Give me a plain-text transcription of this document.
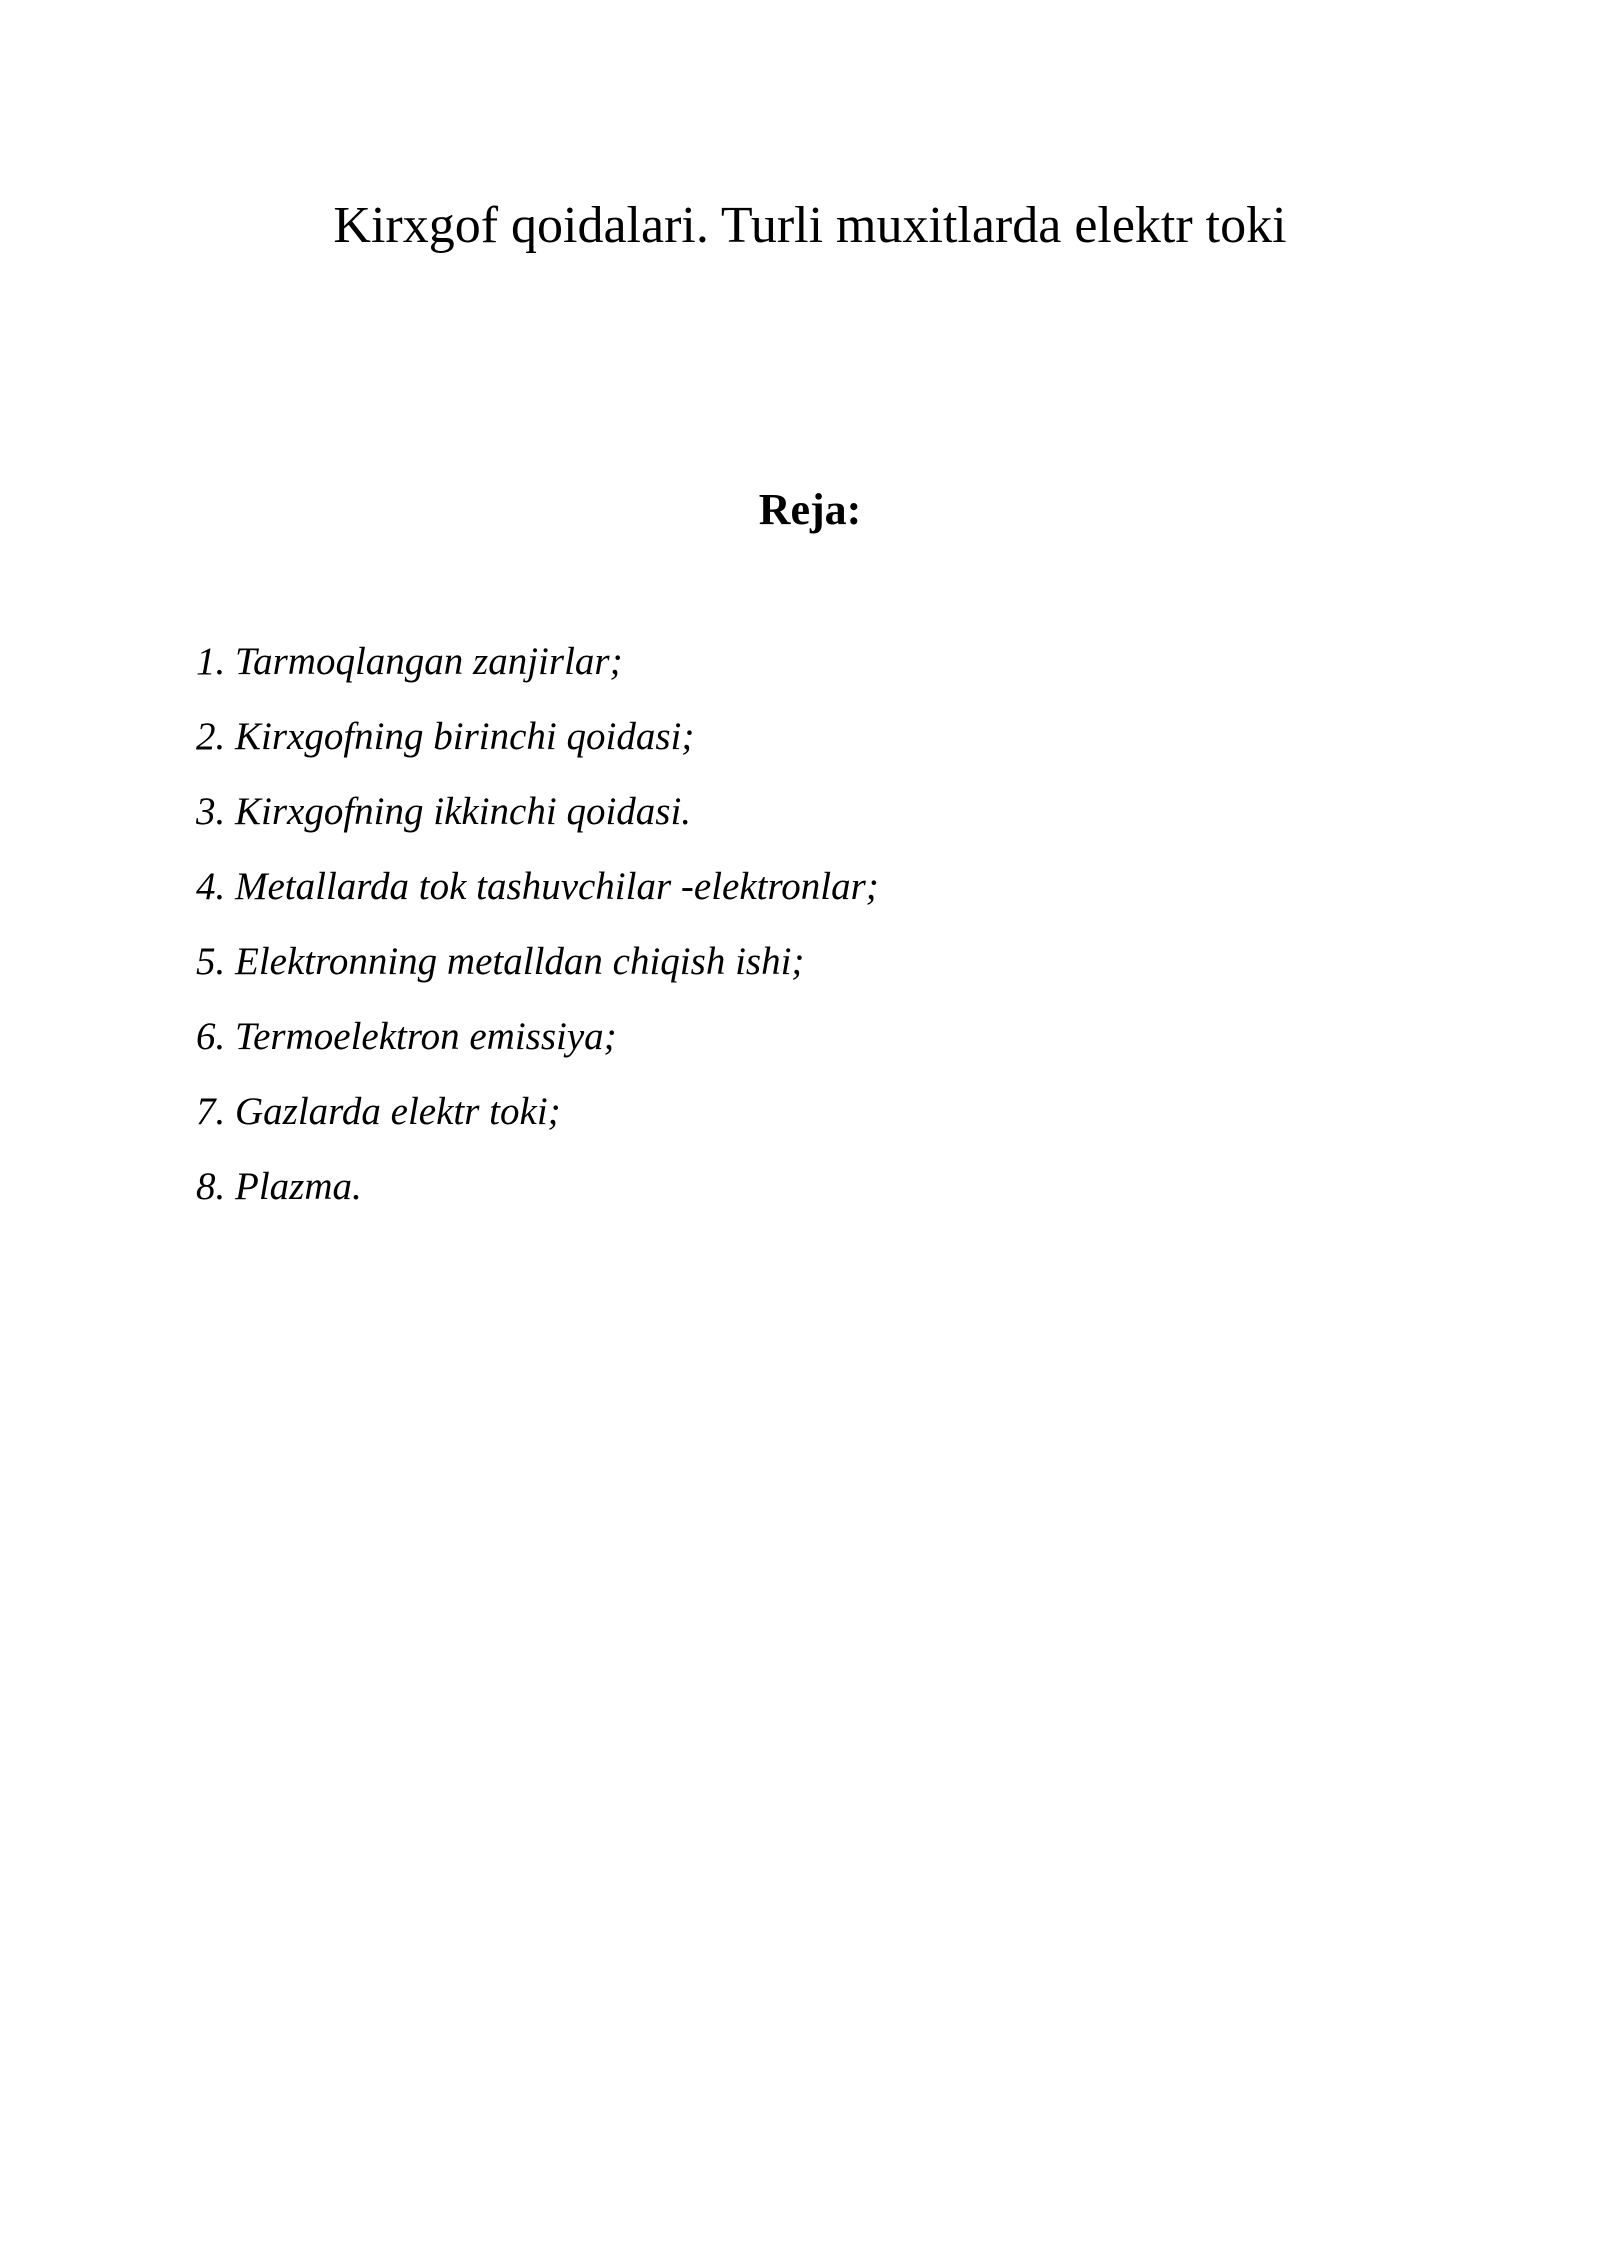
Kirxgof qoidalari. Turli muxitlarda elektr toki
Reja:
1. Tarmoqlangan zanjirlar;
2. Kirxgofning birinchi qoidasi;
3. Kirxgofning ikkinchi qoidasi.
4. Metallarda tok tashuvchilar -elektronlar;
5. Elektronning metalldan chiqish ishi;
6. Termoelektron emissiya;
7. Gazlarda elektr toki;
8. Plazma.
